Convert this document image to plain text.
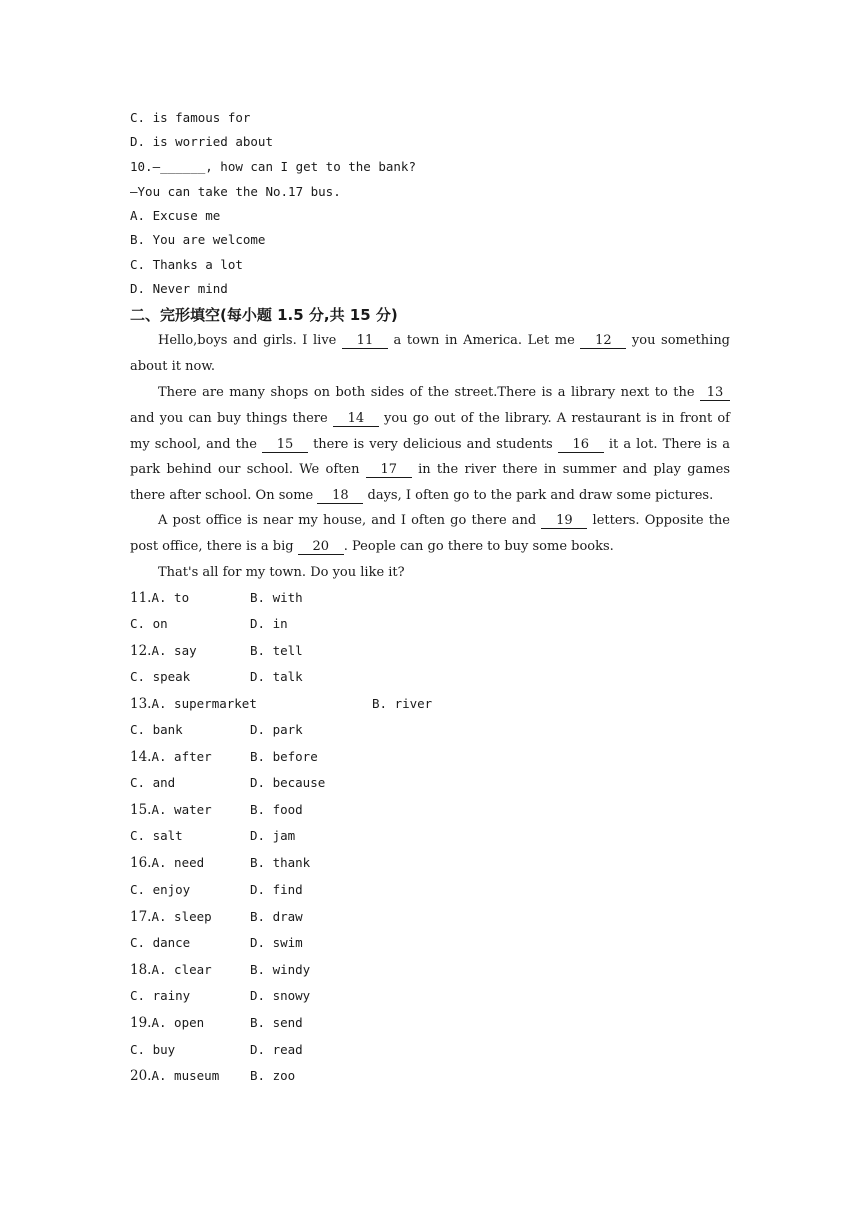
C. is famous for
D. is worried about
10.—______, how can I get to the bank?
—You can take the No.17 bus.
A. Excuse me
B. You are welcome
C. Thanks a lot
D. Never mind
二、完形填空(每小题 1.5 分,共 15 分)
Hello,boys and girls. I live 11 a town in America. Let me 12 you something about it now.
There are many shops on both sides of the street.There is a library next to the 13 and you can buy things there 14 you go out of the library. A restaurant is in front of my school, and the 15 there is very delicious and students 16 it a lot. There is a park behind our school. We often 17 in the river there in summer and play games there after school. On some 18 days, I often go to the park and draw some pictures.
A post office is near my house, and I often go there and 19 letters. Opposite the post office, there is a big 20 . People can go there to buy some books.
That's all for my town. Do you like it?
11.A. to	B. with
C. on	D. in
12.A. say	B. tell
C. speak	D. talk
13.A. supermarket	B. river
C. bank	D. park
14.A. after	B. before
C. and	D. because
15.A. water	B. food
C. salt	D. jam
16.A. need	B. thank
C. enjoy	D. find
17.A. sleep	B. draw
C. dance	D. swim
18.A. clear	B. windy
C. rainy	D. snowy
19.A. open	B. send
C. buy	D. read
20.A. museum B. zoo
